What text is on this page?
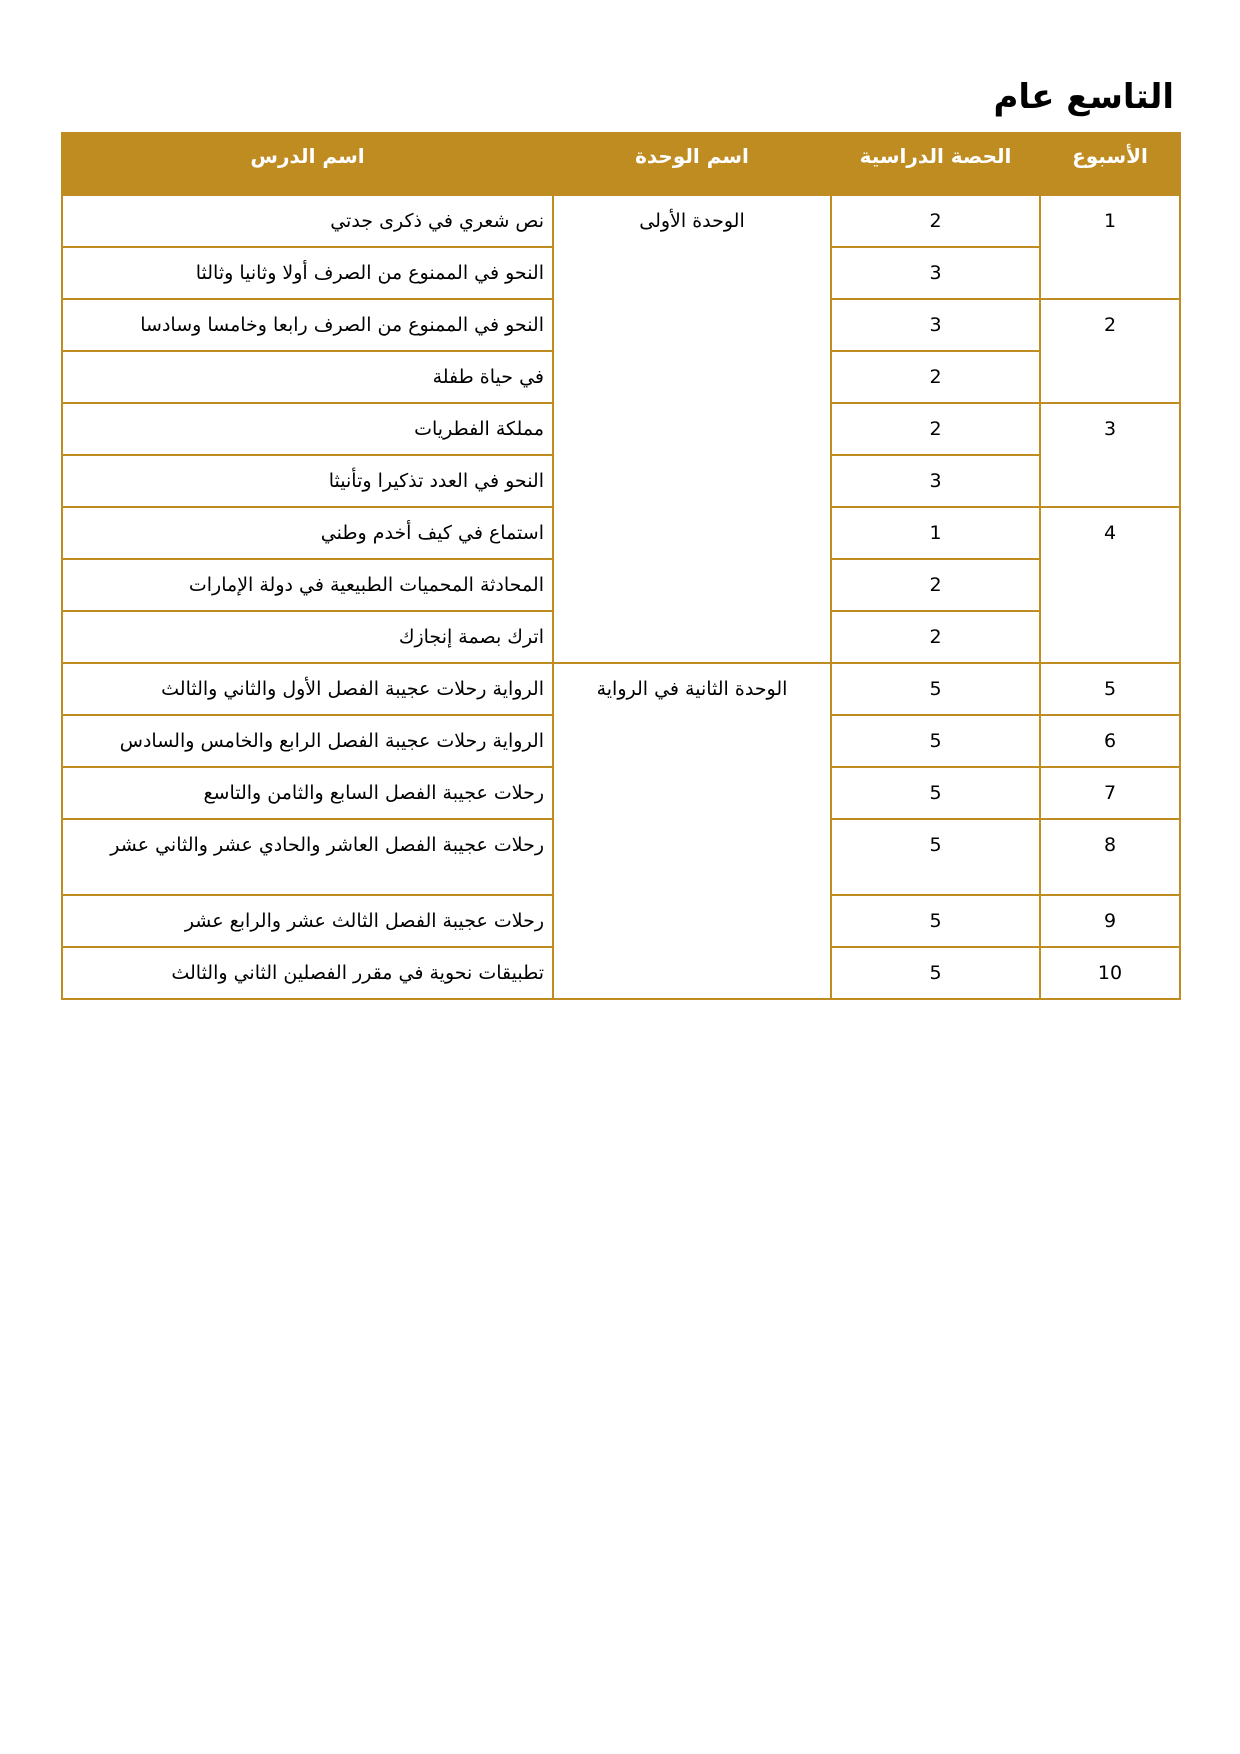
التاسع عام
الأسبوع	الحصة الدراسية	اسم الوحدة	اسم الدرس
1	2	الوحدة الأولى	نص شعري في ذكرى جدتي
	3		النحو في الممنوع من الصرف أولا وثانيا وثالثا
2	3		النحو في الممنوع من الصرف رابعا وخامسا وسادسا
	2		في حياة طفلة
3	2		مملكة الفطريات
	3		النحو في العدد تذكيرا وتأنيثا
4	1		استماع في كيف أخدم وطني
	2		المحادثة المحميات الطبيعية في دولة الإمارات
	2		اترك بصمة إنجازك
5	5	الوحدة الثانية في الرواية	الرواية رحلات عجيبة الفصل الأول والثاني والثالث
6	5		الرواية رحلات عجيبة الفصل الرابع والخامس والسادس
7	5		رحلات عجيبة الفصل السابع والثامن والتاسع
8	5		رحلات عجيبة الفصل العاشر والحادي عشر والثاني عشر
9	5		رحلات عجيبة الفصل الثالث عشر والرابع عشر
10	5		تطبيقات نحوية في مقرر الفصلين الثاني والثالث
